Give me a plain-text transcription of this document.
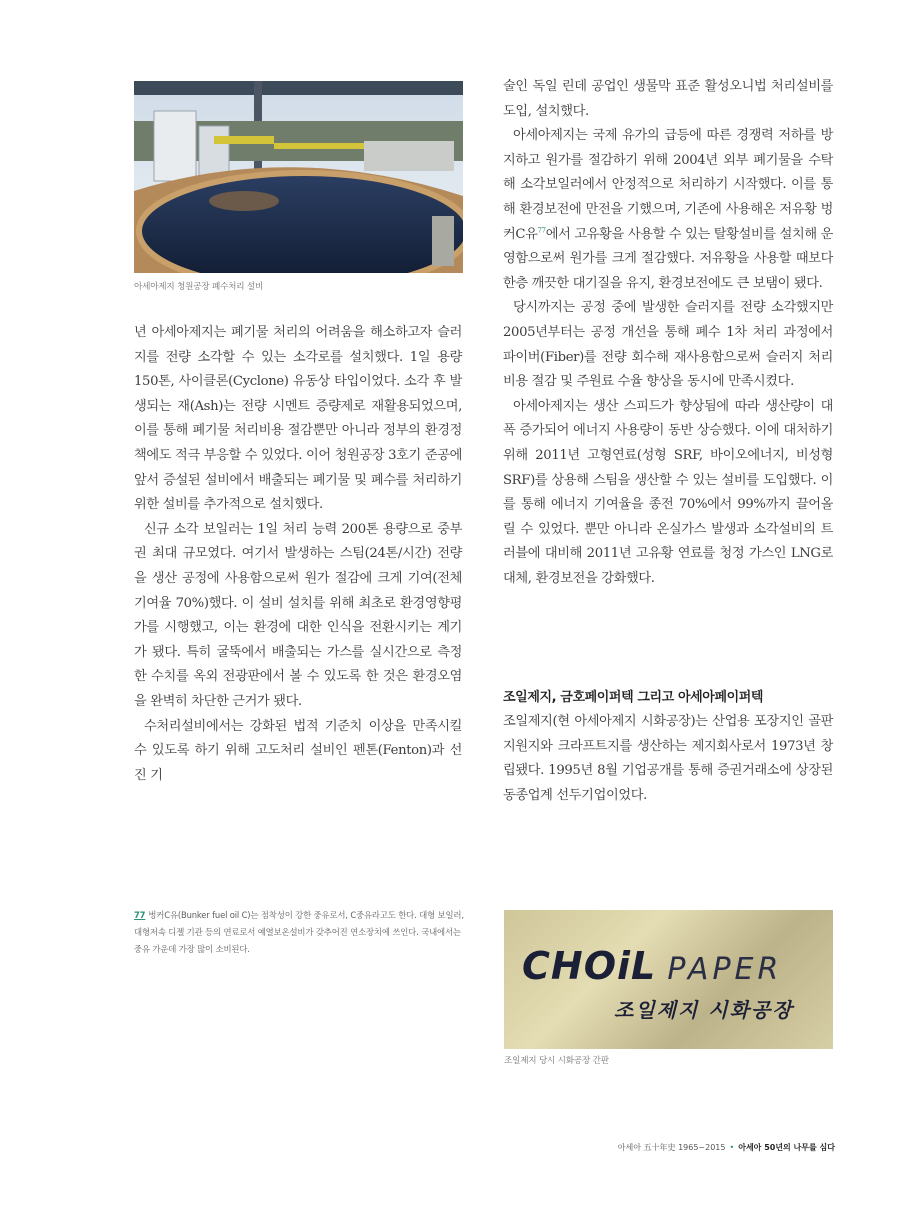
아세아제지 청원공장 폐수처리 설비

년 아세아제지는 폐기물 처리의 어려움을 해소하고자 슬러지를 전량 소각할 수 있는 소각로를 설치했다. 1일 용량 150톤, 사이클론(Cyclone) 유동상 타입이었다. 소각 후 발생되는 재(Ash)는 전량 시멘트 증량제로 재활용되었으며, 이를 통해 폐기물 처리비용 절감뿐만 아니라 정부의 환경정책에도 적극 부응할 수 있었다. 이어 청원공장 3호기 준공에 앞서 증설된 설비에서 배출되는 폐기물 및 폐수를 처리하기 위한 설비를 추가적으로 설치했다.

신규 소각 보일러는 1일 처리 능력 200톤 용량으로 중부권 최대 규모였다. 여기서 발생하는 스팀(24톤/시간) 전량을 생산 공정에 사용함으로써 원가 절감에 크게 기여(전체 기여율 70%)했다. 이 설비 설치를 위해 최초로 환경영향평가를 시행했고, 이는 환경에 대한 인식을 전환시키는 계기가 됐다. 특히 굴뚝에서 배출되는 가스를 실시간으로 측정한 수치를 옥외 전광판에서 볼 수 있도록 한 것은 환경오염을 완벽히 차단한 근거가 됐다.

수처리설비에서는 강화된 법적 기준치 이상을 만족시킬 수 있도록 하기 위해 고도처리 설비인 펜톤(Fenton)과 선진 기

술인 독일 린데 공업인 생물막 표준 활성오니법 처리설비를 도입, 설치했다.

아세아제지는 국제 유가의 급등에 따른 경쟁력 저하를 방지하고 원가를 절감하기 위해 2004년 외부 폐기물을 수탁해 소각보일러에서 안정적으로 처리하기 시작했다. 이를 통해 환경보전에 만전을 기했으며, 기존에 사용해온 저유황 벙커C유$^{77}$에서 고유황을 사용할 수 있는 탈황설비를 설치해 운영함으로써 원가를 크게 절감했다. 저유황을 사용할 때보다 한층 깨끗한 대기질을 유지, 환경보전에도 큰 보탬이 됐다.

당시까지는 공정 중에 발생한 슬러지를 전량 소각했지만 2005년부터는 공정 개선을 통해 폐수 1차 처리 과정에서 파이버(Fiber)를 전량 회수해 재사용함으로써 슬러지 처리비용 절감 및 주원료 수율 향상을 동시에 만족시켰다.

아세아제지는 생산 스피드가 향상됨에 따라 생산량이 대폭 증가되어 에너지 사용량이 동반 상승했다. 이에 대처하기 위해 2011년 고형연료(성형 SRF, 바이오에너지, 비성형 SRF)를 상용해 스팀을 생산할 수 있는 설비를 도입했다. 이를 통해 에너지 기여율을 종전 70%에서 99%까지 끌어올릴 수 있었다. 뿐만 아니라 온실가스 발생과 소각설비의 트러블에 대비해 2011년 고유황 연료를 청정 가스인 LNG로 대체, 환경보전을 강화했다.

조일제지, 금호페이퍼텍 그리고 아세아페이퍼텍

조일제지(현 아세아제지 시화공장)는 산업용 포장지인 골판지원지와 크라프트지를 생산하는 제지회사로서 1973년 창립됐다. 1995년 8월 기업공개를 통해 증권거래소에 상장된 동종업계 선두기업이었다.

77 벙커C유(Bunker fuel oil C)는 점착성이 강한 중유로서, C중유라고도 한다. 대형 보일러, 대형저속 디젤 기관 등의 연료로서 예열보온설비가 갖추어진 연소장치에 쓰인다. 국내에서는 중유 가운데 가장 많이 소비된다.	CHOiL PAPER
조일제지 시화공장
조일제지 당시 시화공장 간판
아세아 五十年史 1965~2015 • 아세아 50년의 나무를 심다
